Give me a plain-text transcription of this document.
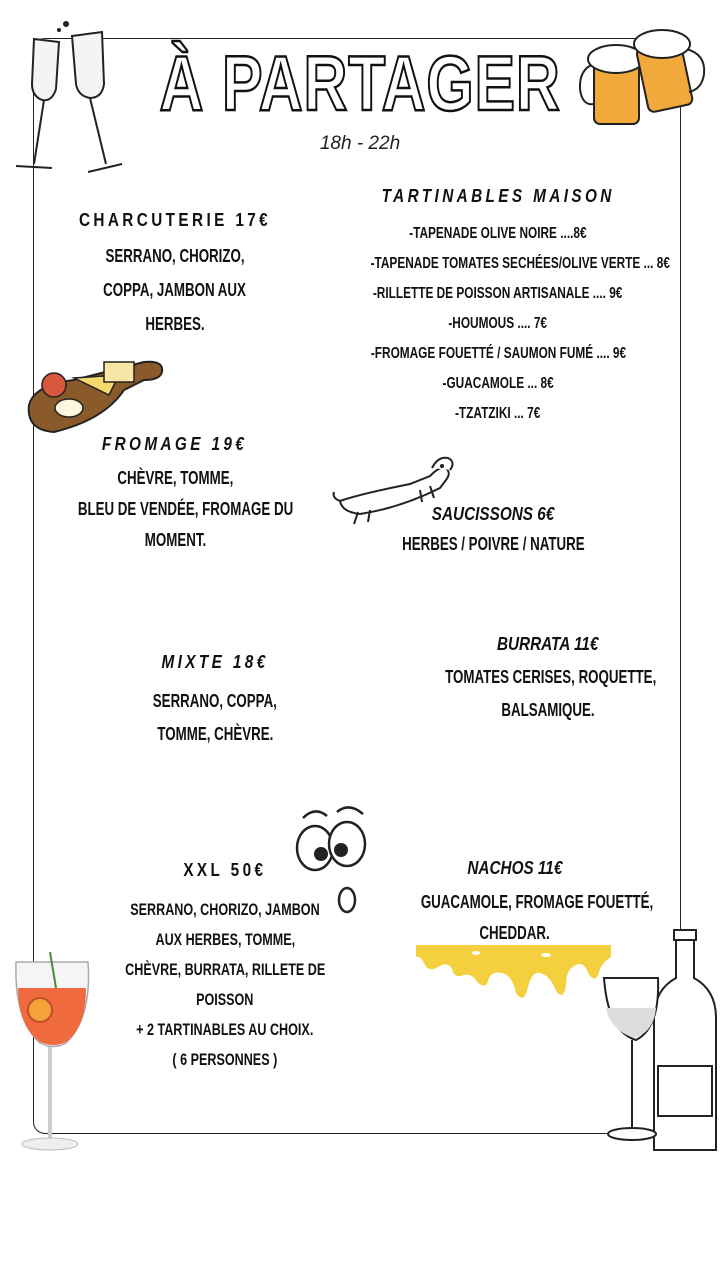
À PARTAGER
18h - 22h
CHARCUTERIE 17€
SERRANO, CHORIZO,
COPPA, JAMBON AUX
HERBES.
TARTINABLES MAISON
-TAPENADE OLIVE NOIRE ....8€
-TAPENADE TOMATES SECHÉES/OLIVE VERTE ... 8€
-RILLETTE DE POISSON ARTISANALE .... 9€
-HOUMOUS .... 7€
-FROMAGE FOUETTÉ / SAUMON FUMÉ .... 9€
-GUACAMOLE ... 8€
-TZATZIKI ... 7€
FROMAGE 19€
CHÈVRE, TOMME,
BLEU DE VENDÉE, FROMAGE DU
MOMENT.
SAUCISSONS 6€
HERBES / POIVRE / NATURE
MIXTE 18€
SERRANO, COPPA,
TOMME, CHÈVRE.
BURRATA 11€
TOMATES CERISES, ROQUETTE,
BALSAMIQUE.
XXL 50€
SERRANO, CHORIZO, JAMBON
AUX HERBES, TOMME,
CHÈVRE, BURRATA, RILLETE DE
POISSON
+ 2 TARTINABLES AU CHOIX.
( 6 PERSONNES )
NACHOS 11€
GUACAMOLE, FROMAGE FOUETTÉ,
CHEDDAR.
